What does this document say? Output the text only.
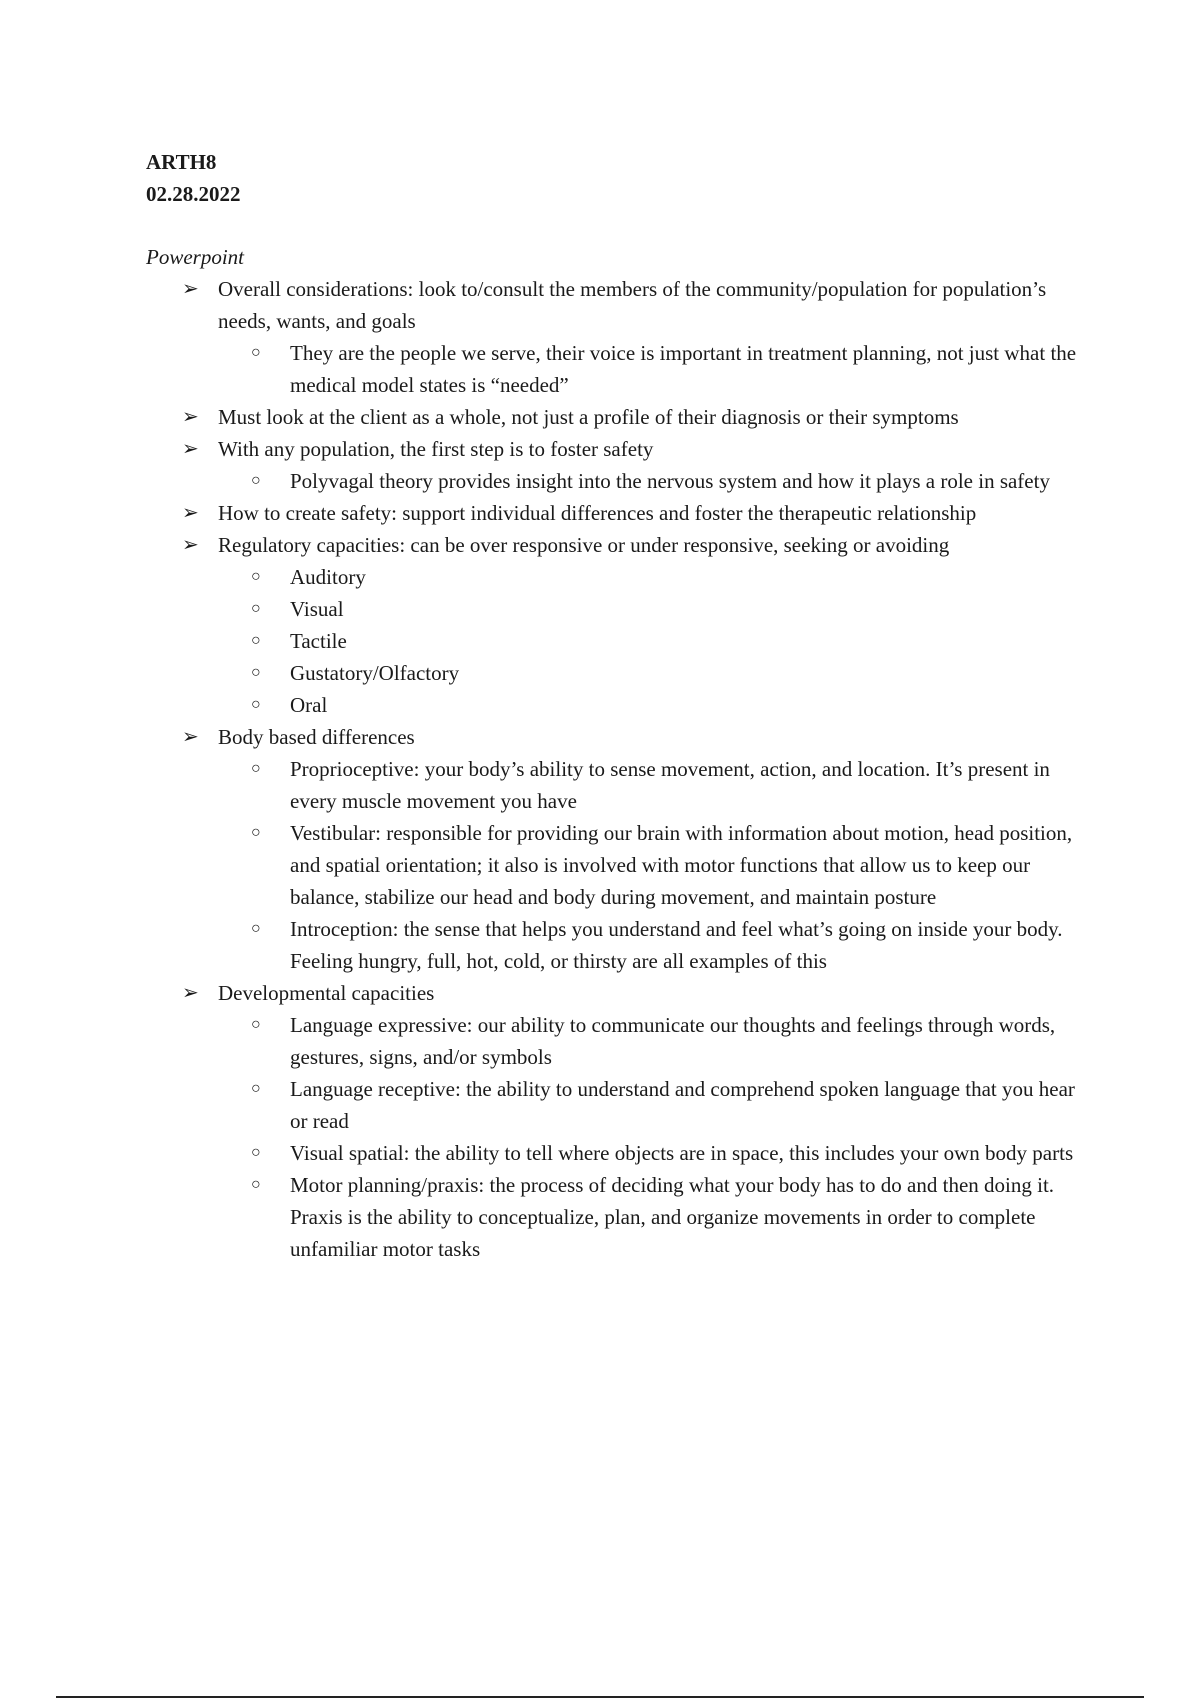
ARTH8

02.28.2022

Powerpoint

➢ Overall considerations: look to/consult the members of the community/population for population’s needs, wants, and goals
○ They are the people we serve, their voice is important in treatment planning, not just what the medical model states is “needed”
➢ Must look at the client as a whole, not just a profile of their diagnosis or their symptoms
➢ With any population, the first step is to foster safety
○ Polyvagal theory provides insight into the nervous system and how it plays a role in safety
➢ How to create safety: support individual differences and foster the therapeutic relationship
➢ Regulatory capacities: can be over responsive or under responsive, seeking or avoiding
○ Auditory
○ Visual
○ Tactile
○ Gustatory/Olfactory
○ Oral
➢ Body based differences
○ Proprioceptive: your body’s ability to sense movement, action, and location. It’s present in every muscle movement you have
○ Vestibular: responsible for providing our brain with information about motion, head position, and spatial orientation; it also is involved with motor functions that allow us to keep our balance, stabilize our head and body during movement, and maintain posture
○ Introception: the sense that helps you understand and feel what’s going on inside your body. Feeling hungry, full, hot, cold, or thirsty are all examples of this
➢ Developmental capacities
○ Language expressive: our ability to communicate our thoughts and feelings through words, gestures, signs, and/or symbols
○ Language receptive: the ability to understand and comprehend spoken language that you hear or read
○ Visual spatial: the ability to tell where objects are in space, this includes your own body parts
○ Motor planning/praxis: the process of deciding what your body has to do and then doing it. Praxis is the ability to conceptualize, plan, and organize movements in order to complete unfamiliar motor tasks
